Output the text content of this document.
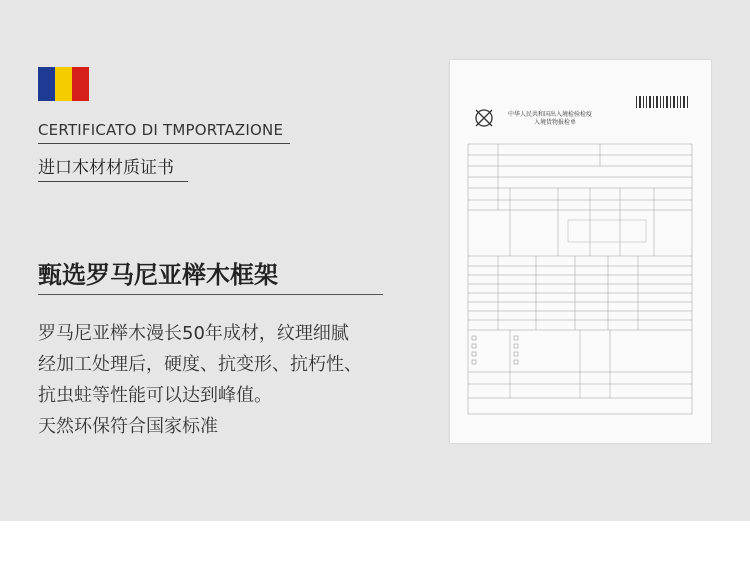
CERTIFICATO DI TMPORTAZIONE
进口木材材质证书
甄选罗马尼亚榉木框架
罗马尼亚榉木漫长50年成材，纹理细腻
经加工处理后，硬度、抗变形、抗朽性、
抗虫蛀等性能可以达到峰值。
天然环保符合国家标准
中华人民共和国出入境检验检疫
入境货物报检单
